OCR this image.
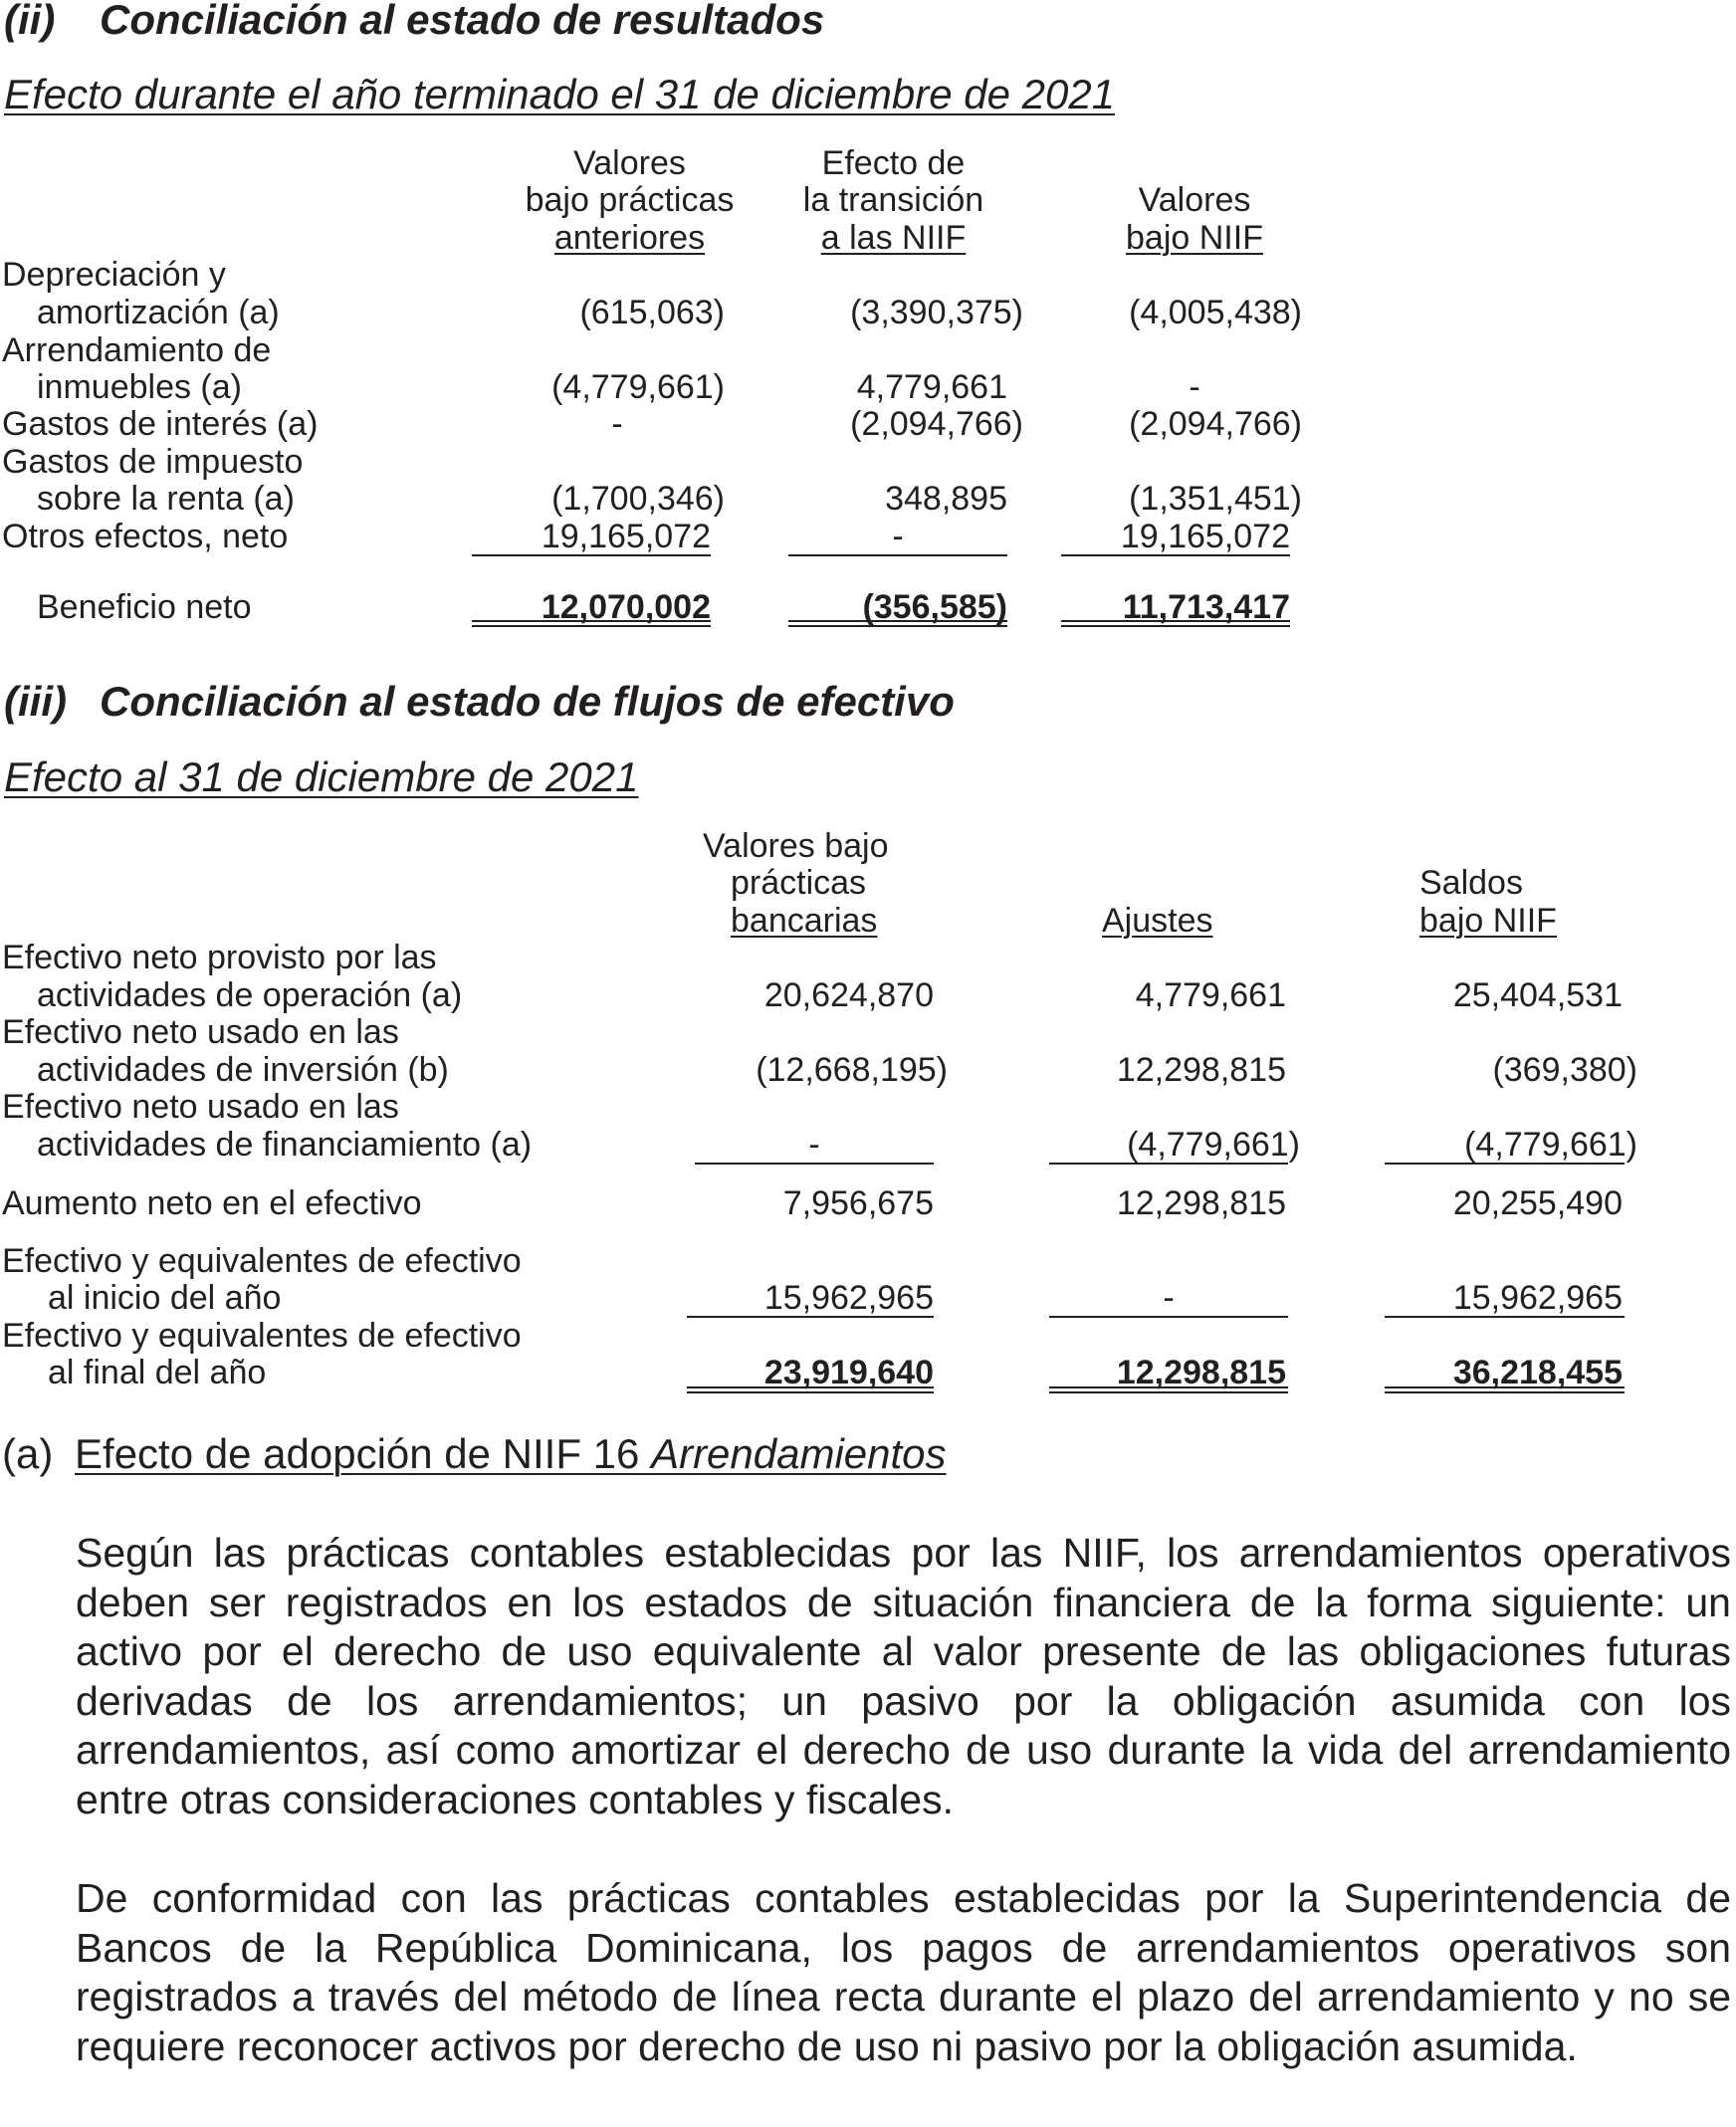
(ii) Conciliación al estado de resultados
Efecto durante el año terminado el 31 de diciembre de 2021
Valores
bajo prácticas
anteriores
Efecto de
la transición
a las NIIF
Valores
bajo NIIF
Depreciación y
amortización (a)	(615,063)	(3,390,375)	(4,005,438)
Arrendamiento de
inmuebles (a)	(4,779,661)	4,779,661	-
Gastos de interés (a)	-	(2,094,766)	(2,094,766)
Gastos de impuesto
sobre la renta (a)	(1,700,346)	348,895	(1,351,451)
Otros efectos, neto	19,165,072	-	19,165,072
Beneficio neto	12,070,002	(356,585)	11,713,417
(iii) Conciliación al estado de flujos de efectivo
Efecto al 31 de diciembre de 2021
Valores bajo
prácticas
bancarias	Ajustes
Saldos
bajo NIIF
Efectivo neto provisto por las
actividades de operación (a)	20,624,870	4,779,661	25,404,531
Efectivo neto usado en las
actividades de inversión (b)	(12,668,195)	12,298,815	(369,380)
Efectivo neto usado en las
actividades de financiamiento (a)	-	(4,779,661)	(4,779,661)
Aumento neto en el efectivo	7,956,675	12,298,815	20,255,490
Efectivo y equivalentes de efectivo
al inicio del año	15,962,965	-	15,962,965
Efectivo y equivalentes de efectivo
al final del año	23,919,640	12,298,815	36,218,455
(a) Efecto de adopción de NIIF 16 Arrendamientos
Según las prácticas contables establecidas por las NIIF, los arrendamientos operativos deben ser registrados en los estados de situación financiera de la forma siguiente: un activo por el derecho de uso equivalente al valor presente de las obligaciones futuras derivadas de los arrendamientos; un pasivo por la obligación asumida con los arrendamientos, así como amortizar el derecho de uso durante la vida del arrendamiento entre otras consideraciones contables y fiscales.
De conformidad con las prácticas contables establecidas por la Superintendencia de Bancos de la República Dominicana, los pagos de arrendamientos operativos son registrados a través del método de línea recta durante el plazo del arrendamiento y no se requiere reconocer activos por derecho de uso ni pasivo por la obligación asumida.
